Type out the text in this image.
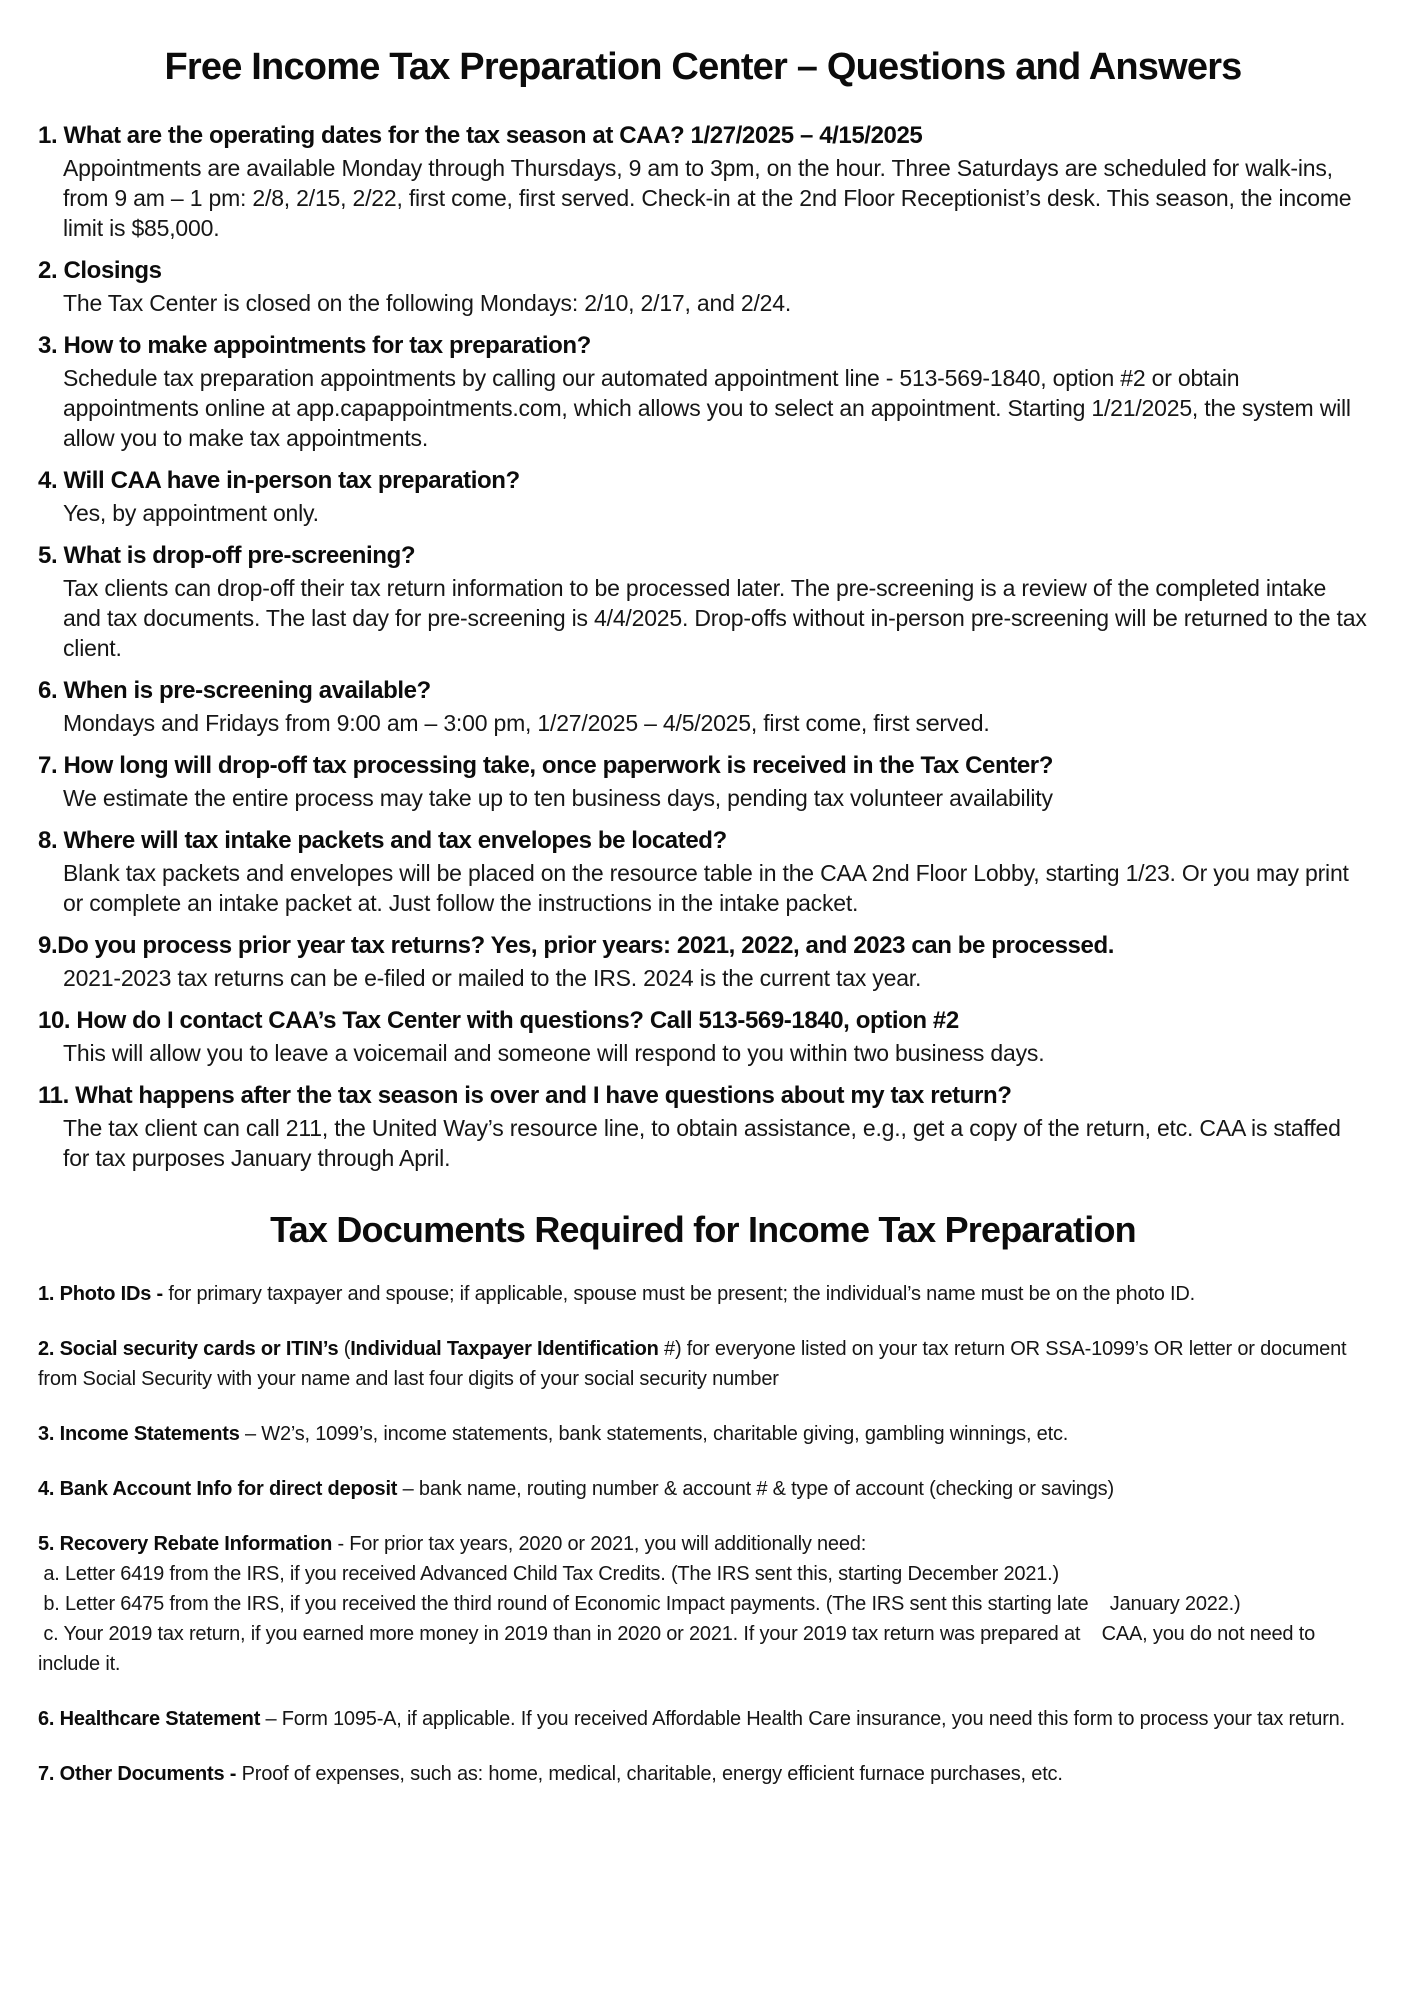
Free Income Tax Preparation Center – Questions and Answers
1. What are the operating dates for the tax season at CAA? 1/27/2025 – 4/15/2025
Appointments are available Monday through Thursdays, 9 am to 3pm, on the hour. Three Saturdays are scheduled for walk-ins, from 9 am – 1 pm: 2/8, 2/15, 2/22, first come, first served. Check-in at the 2nd Floor Receptionist’s desk. This season, the income limit is $85,000.
2. Closings
The Tax Center is closed on the following Mondays: 2/10, 2/17, and 2/24.
3. How to make appointments for tax preparation?
Schedule tax preparation appointments by calling our automated appointment line - 513-569-1840, option #2 or obtain appointments online at app.capappointments.com, which allows you to select an appointment. Starting 1/21/2025, the system will allow you to make tax appointments.
4. Will CAA have in-person tax preparation?
Yes, by appointment only.
5. What is drop-off pre-screening?
Tax clients can drop-off their tax return information to be processed later. The pre-screening is a review of the completed intake and tax documents. The last day for pre-screening is 4/4/2025. Drop-offs without in-person pre-screening will be returned to the tax client.
6. When is pre-screening available?
Mondays and Fridays from 9:00 am – 3:00 pm, 1/27/2025 – 4/5/2025, first come, first served.
7. How long will drop-off tax processing take, once paperwork is received in the Tax Center?
We estimate the entire process may take up to ten business days, pending tax volunteer availability
8. Where will tax intake packets and tax envelopes be located?
Blank tax packets and envelopes will be placed on the resource table in the CAA 2nd Floor Lobby, starting 1/23. Or you may print or complete an intake packet at. Just follow the instructions in the intake packet.
9.Do you process prior year tax returns? Yes, prior years: 2021, 2022, and 2023 can be processed.
2021-2023 tax returns can be e-filed or mailed to the IRS. 2024 is the current tax year.
10. How do I contact CAA’s Tax Center with questions? Call 513-569-1840, option #2
This will allow you to leave a voicemail and someone will respond to you within two business days.
11. What happens after the tax season is over and I have questions about my tax return?
The tax client can call 211, the United Way’s resource line, to obtain assistance, e.g., get a copy of the return, etc. CAA is staffed for tax purposes January through April.
Tax Documents Required for Income Tax Preparation
1. Photo IDs - for primary taxpayer and spouse; if applicable, spouse must be present; the individual’s name must be on the photo ID.
2. Social security cards or ITIN’s (Individual Taxpayer Identification #) for everyone listed on your tax return OR SSA-1099’s OR letter or document from Social Security with your name and last four digits of your social security number
3. Income Statements – W2’s, 1099’s, income statements, bank statements, charitable giving, gambling winnings, etc.
4. Bank Account Info for direct deposit – bank name, routing number & account # & type of account (checking or savings)
5. Recovery Rebate Information - For prior tax years, 2020 or 2021, you will additionally need:
a. Letter 6419 from the IRS, if you received Advanced Child Tax Credits. (The IRS sent this, starting December 2021.)
b. Letter 6475 from the IRS, if you received the third round of Economic Impact payments. (The IRS sent this starting late    January 2022.)
c. Your 2019 tax return, if you earned more money in 2019 than in 2020 or 2021. If your 2019 tax return was prepared at    CAA, you do not need to include it.
6. Healthcare Statement – Form 1095-A, if applicable. If you received Affordable Health Care insurance, you need this form to process your tax return.
7. Other Documents - Proof of expenses, such as: home, medical, charitable, energy efficient furnace purchases, etc.
